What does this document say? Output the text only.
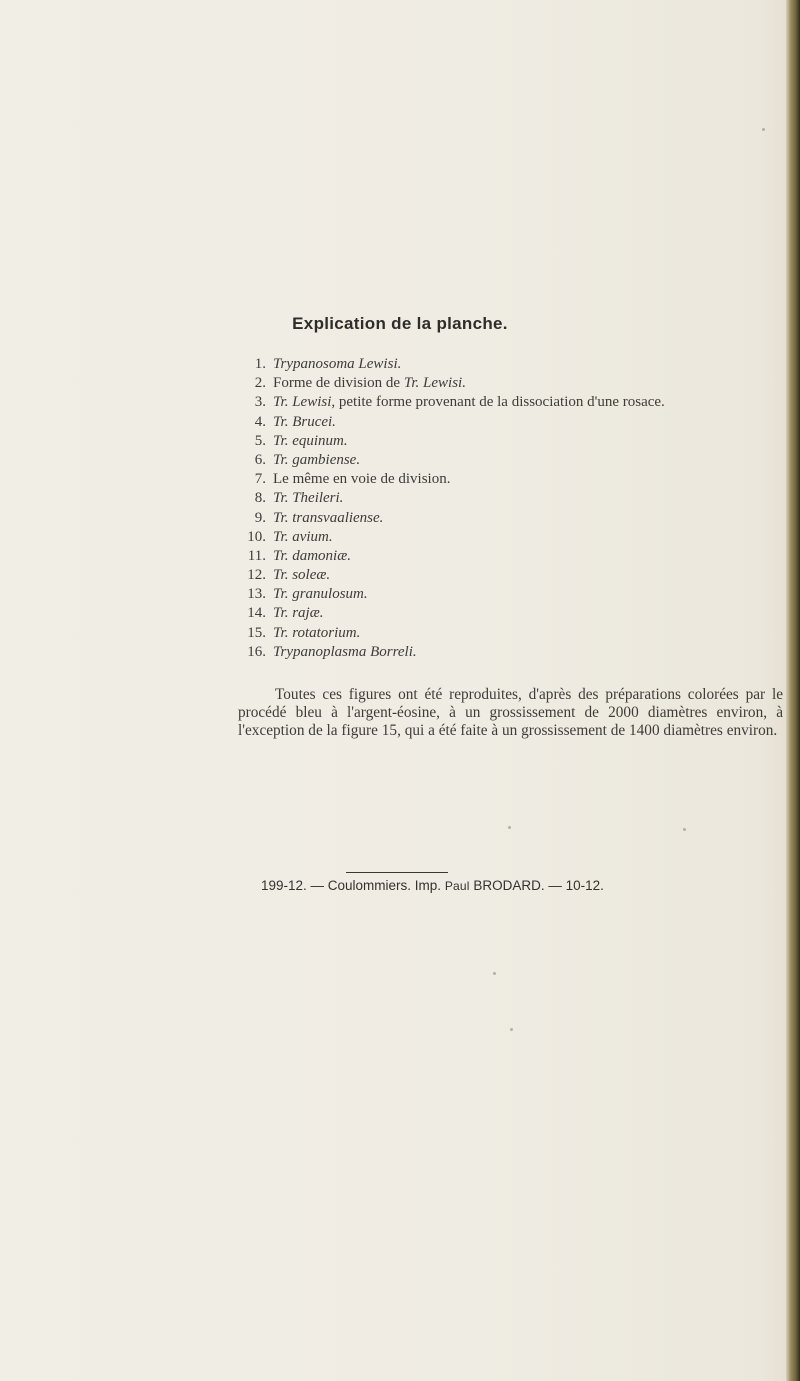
Explication de la planche.
1. Trypanosoma Lewisi.
2. Forme de division de Tr. Lewisi.
3. Tr. Lewisi, petite forme provenant de la dissociation d'une rosace.
4. Tr. Brucei.
5. Tr. equinum.
6. Tr. gambiense.
7. Le même en voie de division.
8. Tr. Theileri.
9. Tr. transvaaliense.
10. Tr. avium.
11. Tr. damoniæ.
12. Tr. soleæ.
13. Tr. granulosum.
14. Tr. rajæ.
15. Tr. rotatorium.
16. Trypanoplasma Borreli.

Toutes ces figures ont été reproduites, d'après des préparations colorées par le procédé bleu à l'argent-éosine, à un grossissement de 2000 diamètres environ, à l'exception de la figure 15, qui a été faite à un grossissement de 1400 diamètres environ.

199-12. — Coulommiers. Imp. Paul BRODARD. — 10-12.
